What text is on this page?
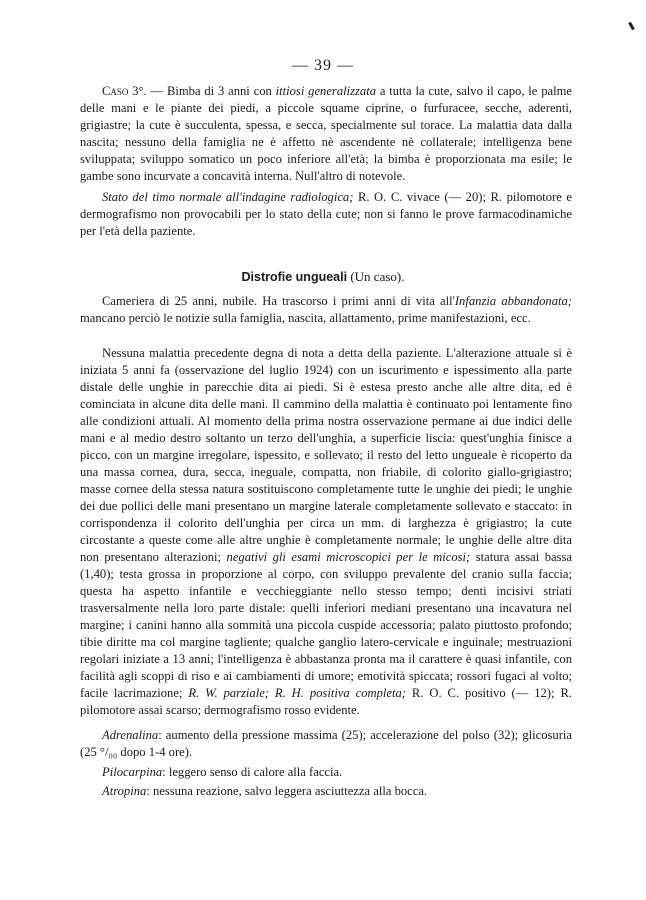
— 39 —

Caso 3°. — Bimba di 3 anni con ittiosi generalizzata a tutta la cute, salvo il capo, le palme delle mani e le piante dei piedi, a piccole squame ciprine, o furfuracee, secche, aderenti, grigiastre; la cute è succulenta, spessa, e secca, specialmente sul torace. La malattia data dalla nascita; nessuno della famiglia ne è affetto nè ascendente nè collaterale; intelligenza bene sviluppata; sviluppo somatico un poco inferiore all'età; la bimba è proporzionata ma esile; le gambe sono incurvate a concavità interna. Null'altro di notevole.

Stato del timo normale all'indagine radiologica; R. O. C. vivace (— 20); R. pilomotore e dermografismo non provocabili per lo stato della cute; non si fanno le prove farmacodinamiche per l'età della paziente.

Distrofie ungueali (Un caso).

Cameriera di 25 anni, nubile. Ha trascorso i primi anni di vita all'Infanzia abbandonata; mancano perciò le notizie sulla famiglia, nascita, allattamento, prime manifestazioni, ecc.

Nessuna malattia precedente degna di nota a detta della paziente. L'alterazione attuale si è iniziata 5 anni fa (osservazione del luglio 1924) con un iscurimento e ispessimento alla parte distale delle unghie in parecchie dita ai piedi. Si è estesa presto anche alle altre dita, ed è cominciata in alcune dita delle mani. Il cammino della malattia è continuato poi lentamente fino alle condizioni attuali. Al momento della prima nostra osservazione permane ai due indici delle mani e al medio destro soltanto un terzo dell'unghia, a superficie liscia: quest'unghia finisce a picco, con un margine irregolare, ispessito, e sollevato; il resto del letto ungueale è ricoperto da una massa cornea, dura, secca, ineguale, compatta, non friabile, di colorito giallo-grigiastro; masse cornee della stessa natura sostituiscono completamente tutte le unghie dei piedi; le unghie dei due pollici delle mani presentano un margine laterale completamente sollevato e staccato: in corrispondenza il colorito dell'unghia per circa un mm. di larghezza è grigiastro; la cute circostante a queste come alle altre unghie è completamente normale; le unghie delle altre dita non presentano alterazioni; negativi gli esami microscopici per le micosi; statura assai bassa (1,40); testa grossa in proporzione al corpo, con sviluppo prevalente del cranio sulla faccia; questa ha aspetto infantile e vecchieggiante nello stesso tempo; denti incisivi striati trasversalmente nella loro parte distale: quelli inferiori mediani presentano una incavatura nel margine; i canini hanno alla sommità una piccola cuspide accessoria; palato piuttosto profondo; tibie diritte ma col margine tagliente; qualche ganglio latero-cervicale e inguinale; mestruazioni regolari iniziate a 13 anni; l'intelligenza è abbastanza pronta ma il carattere è quasi infantile, con facilità agli scoppi di riso e ai cambiamenti di umore; emotività spiccata; rossori fugaci al volto; facile lacrimazione; R. W. parziale; R. H. positiva completa; R. O. C. positivo (— 12); R. pilomotore assai scarso; dermografismo rosso evidente.

Adrenalina: aumento della pressione massima (25); accelerazione del polso (32); glicosuria (25 °/₀₀ dopo 1-4 ore).

Pilocarpina: leggero senso di calore alla faccia.

Atropina: nessuna reazione, salvo leggera asciuttezza alla bocca.
